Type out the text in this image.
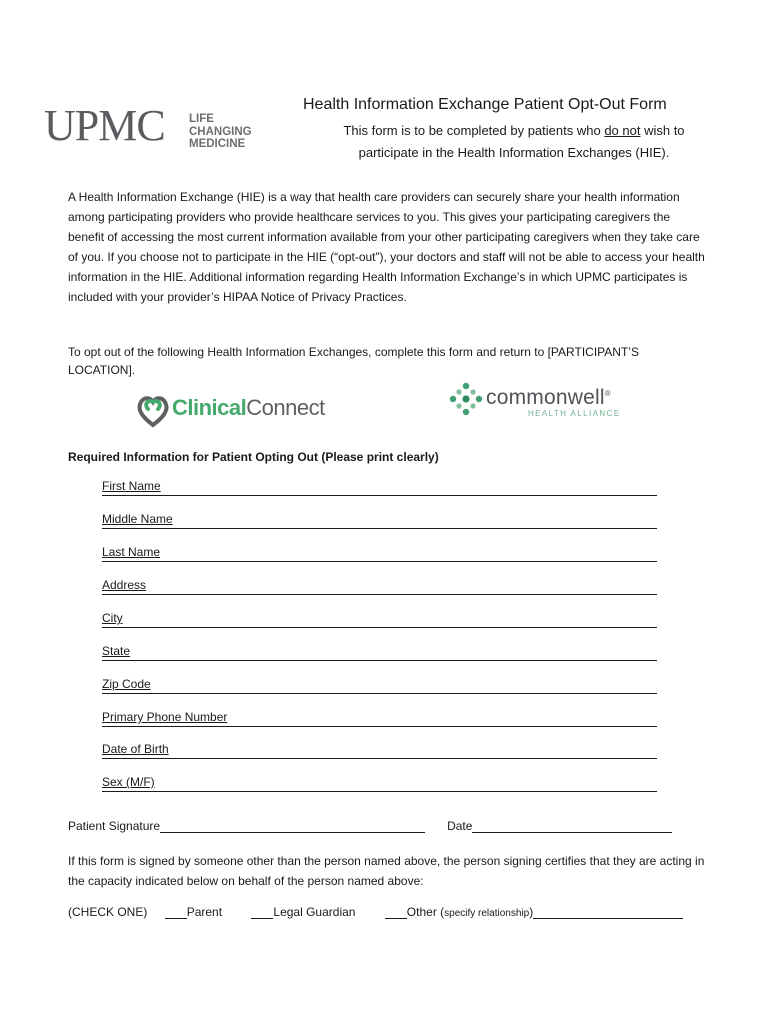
UPMC LIFE
CHANGING
MEDICINE
Health Information Exchange Patient Opt-Out Form
This form is to be completed by patients who do not wish to participate in the Health Information Exchanges (HIE).
A Health Information Exchange (HIE) is a way that health care providers can securely share your health information among participating providers who provide healthcare services to you. This gives your participating caregivers the benefit of accessing the most current information available from your other participating caregivers when they take care of you. If you choose not to participate in the HIE (“opt-out”), your doctors and staff will not be able to access your health information in the HIE. Additional information regarding Health Information Exchange’s in which UPMC participates is included with your provider’s HIPAA Notice of Privacy Practices.
To opt out of the following Health Information Exchanges, complete this form and return to [PARTICIPANT’S LOCATION].
ClinicalConnect	commonwell®
HEALTH ALLIANCE
Required Information for Patient Opting Out (Please print clearly)
First Name
Middle Name
Last Name
Address
City
State
Zip Code
Primary Phone Number
Date of Birth
Sex (M/F)
Patient Signature	Date
If this form is signed by someone other than the person named above, the person signing certifies that they are acting in the capacity indicated below on behalf of the person named above:
(CHECK ONE)	Parent	Legal Guardian	Other (specify relationship)
